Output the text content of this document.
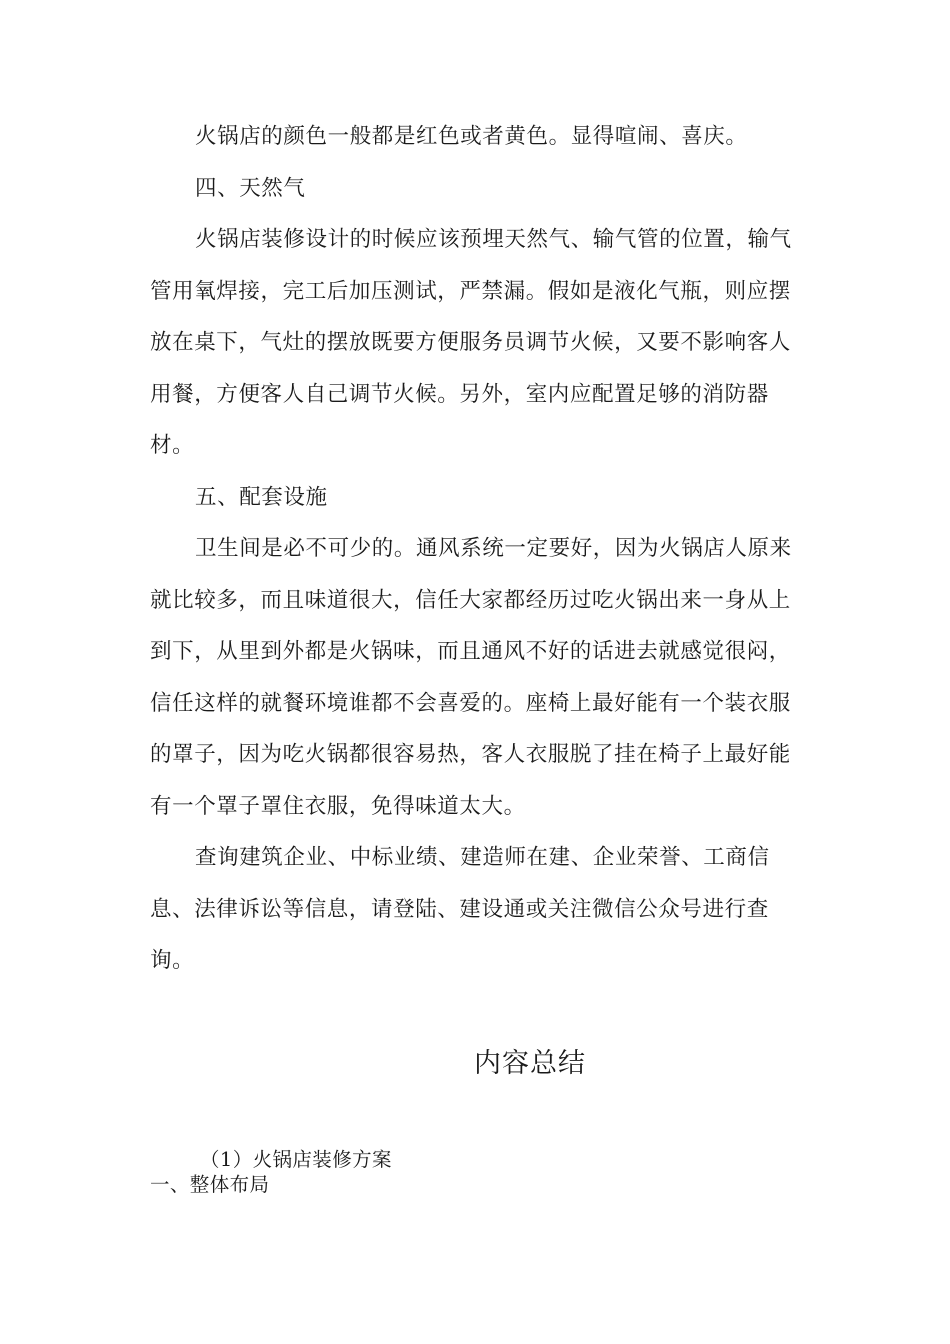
火锅店的颜色一般都是红色或者黄色。显得喧闹、喜庆。

四、天然气

火锅店装修设计的时候应该预埋天然气、输气管的位置，输气管用氧焊接，完工后加压测试，严禁漏。假如是液化气瓶，则应摆放在桌下，气灶的摆放既要方便服务员调节火候，又要不影响客人用餐，方便客人自己调节火候。另外，室内应配置足够的消防器材。

五、配套设施

卫生间是必不可少的。通风系统一定要好，因为火锅店人原来就比较多，而且味道很大，信任大家都经历过吃火锅出来一身从上到下，从里到外都是火锅味，而且通风不好的话进去就感觉很闷，信任这样的就餐环境谁都不会喜爱的。座椅上最好能有一个装衣服的罩子，因为吃火锅都很容易热，客人衣服脱了挂在椅子上最好能有一个罩子罩住衣服，免得味道太大。

查询建筑企业、中标业绩、建造师在建、企业荣誉、工商信息、法律诉讼等信息，请登陆、建设通或关注微信公众号进行查询。

内容总结
（1）火锅店装修方案
一、整体布局
